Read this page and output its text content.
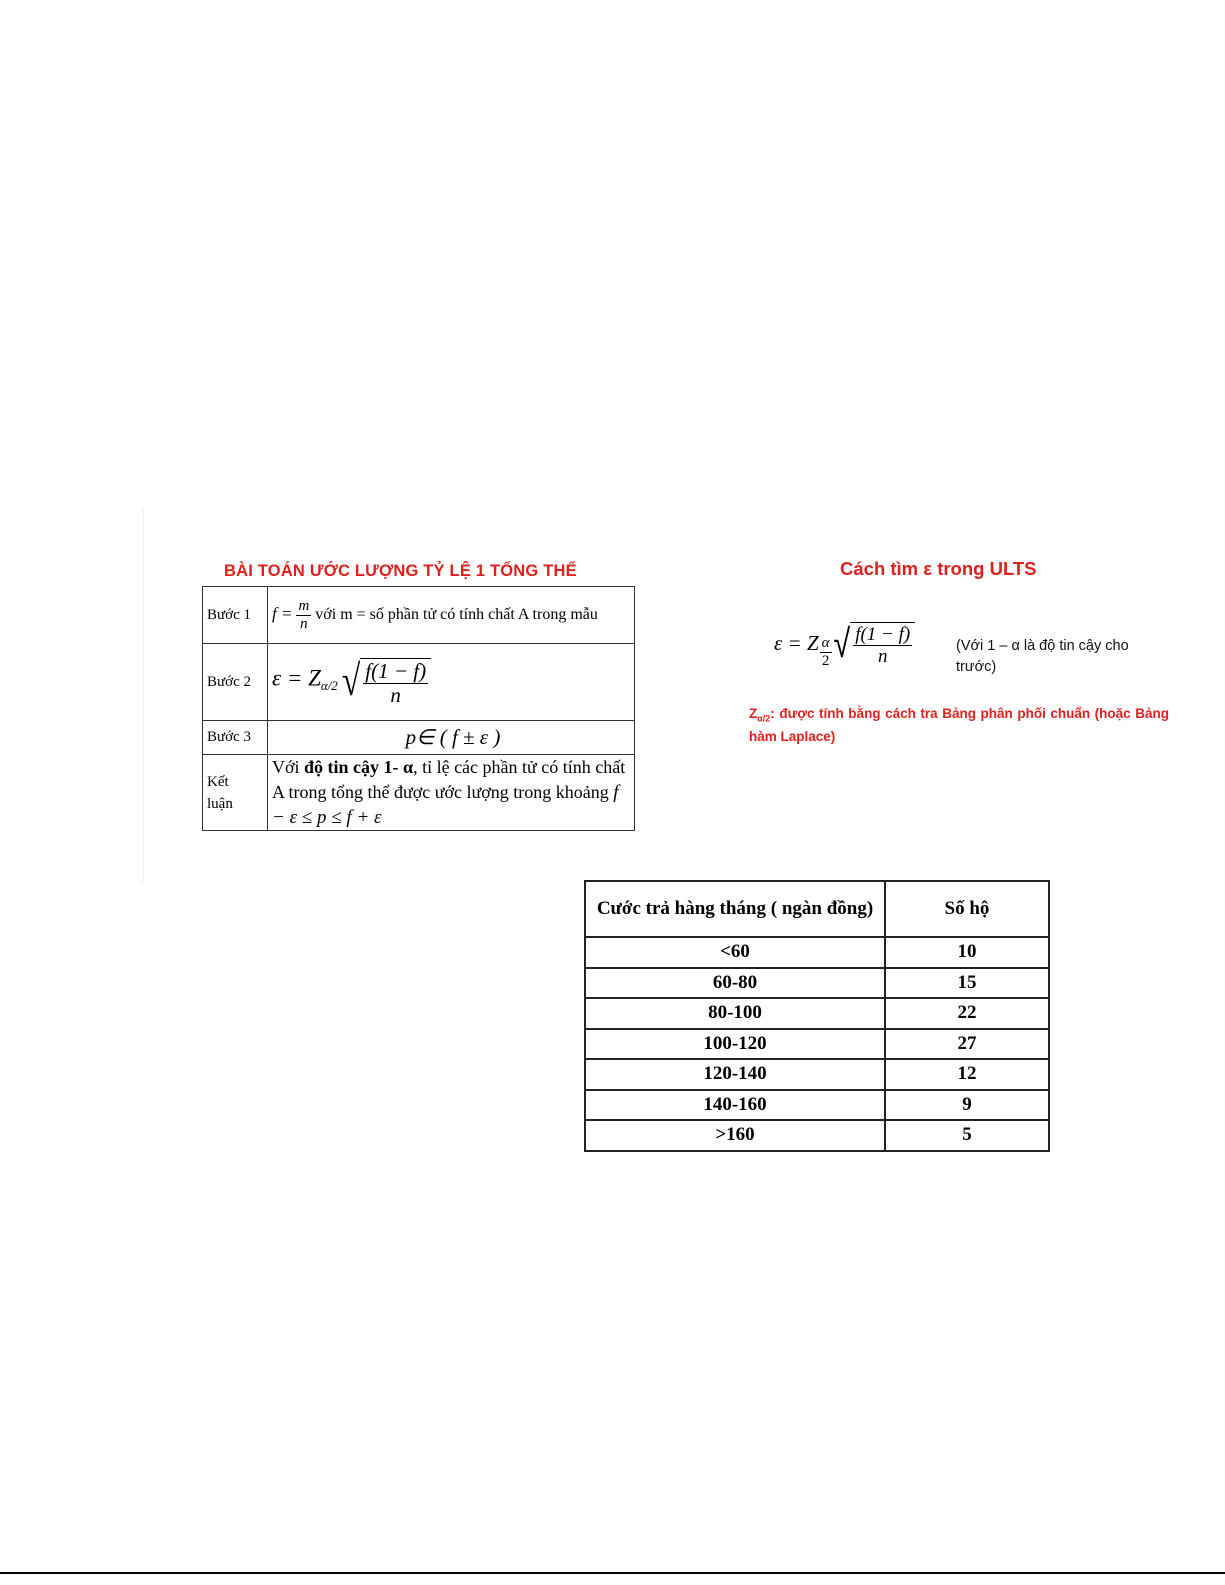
BÀI TOÁN ƯỚC LƯỢNG TỶ LỆ 1 TỔNG THỂ
Bước 1	$f = \frac{m}{n}$ với m = số phần tử có tính chất A trong mẫu
Bước 2	$\varepsilon = Z_{\alpha/2}$ √ $\frac{f(1 - f)}{n}$

Bước 3	p∈ ( f ± ε )

Kết luận	Với độ tin cậy 1- α, tỉ lệ các phần tử có tính chất A trong tổng thể được ước lượng trong khoảng f − ε ≤ p ≤ f + ε
Cách tìm ε trong ULTS
ε = Z $\frac{\alpha}{2}$ √ $\frac{f(1 - f)}{n}$	(Với 1 – α là độ tin cậy cho trước)
$Z_{\alpha/2}$: được tính bằng cách tra Bảng phân phối chuẩn (hoặc Bảng hàm Laplace)
Cước trả hàng tháng ( ngàn đồng)	Số hộ
<60	10
60-80	15
80-100	22
100-120	27
120-140	12
140-160	9
>160	5
